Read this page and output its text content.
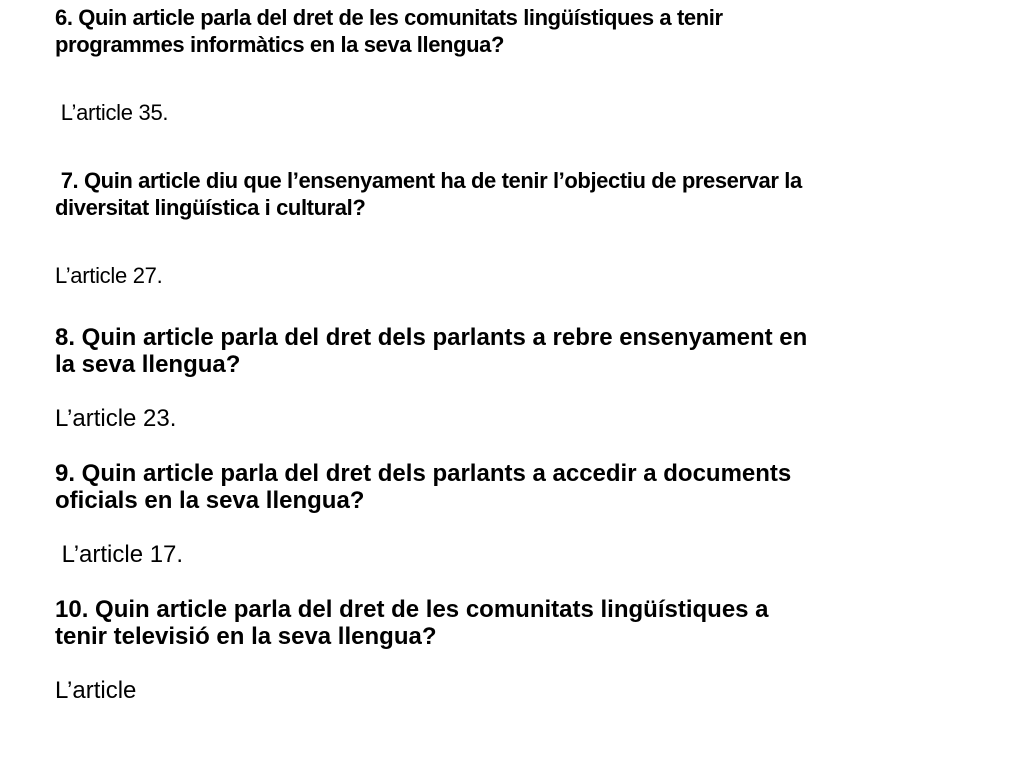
6. Quin article parla del dret de les comunitats lingüístiques a tenir
programmes informàtics en la seva llengua?
L’article 35.
7. Quin article diu que l’ensenyament ha de tenir l’objectiu de preservar la
diversitat lingüística i cultural?
L’article 27.
8. Quin article parla del dret dels parlants a rebre ensenyament en
la seva llengua?
L’article 23.
9. Quin article parla del dret dels parlants a accedir a documents
oficials en la seva llengua?
L’article 17.
10. Quin article parla del dret de les comunitats lingüístiques a
tenir televisió en la seva llengua?
L’article
